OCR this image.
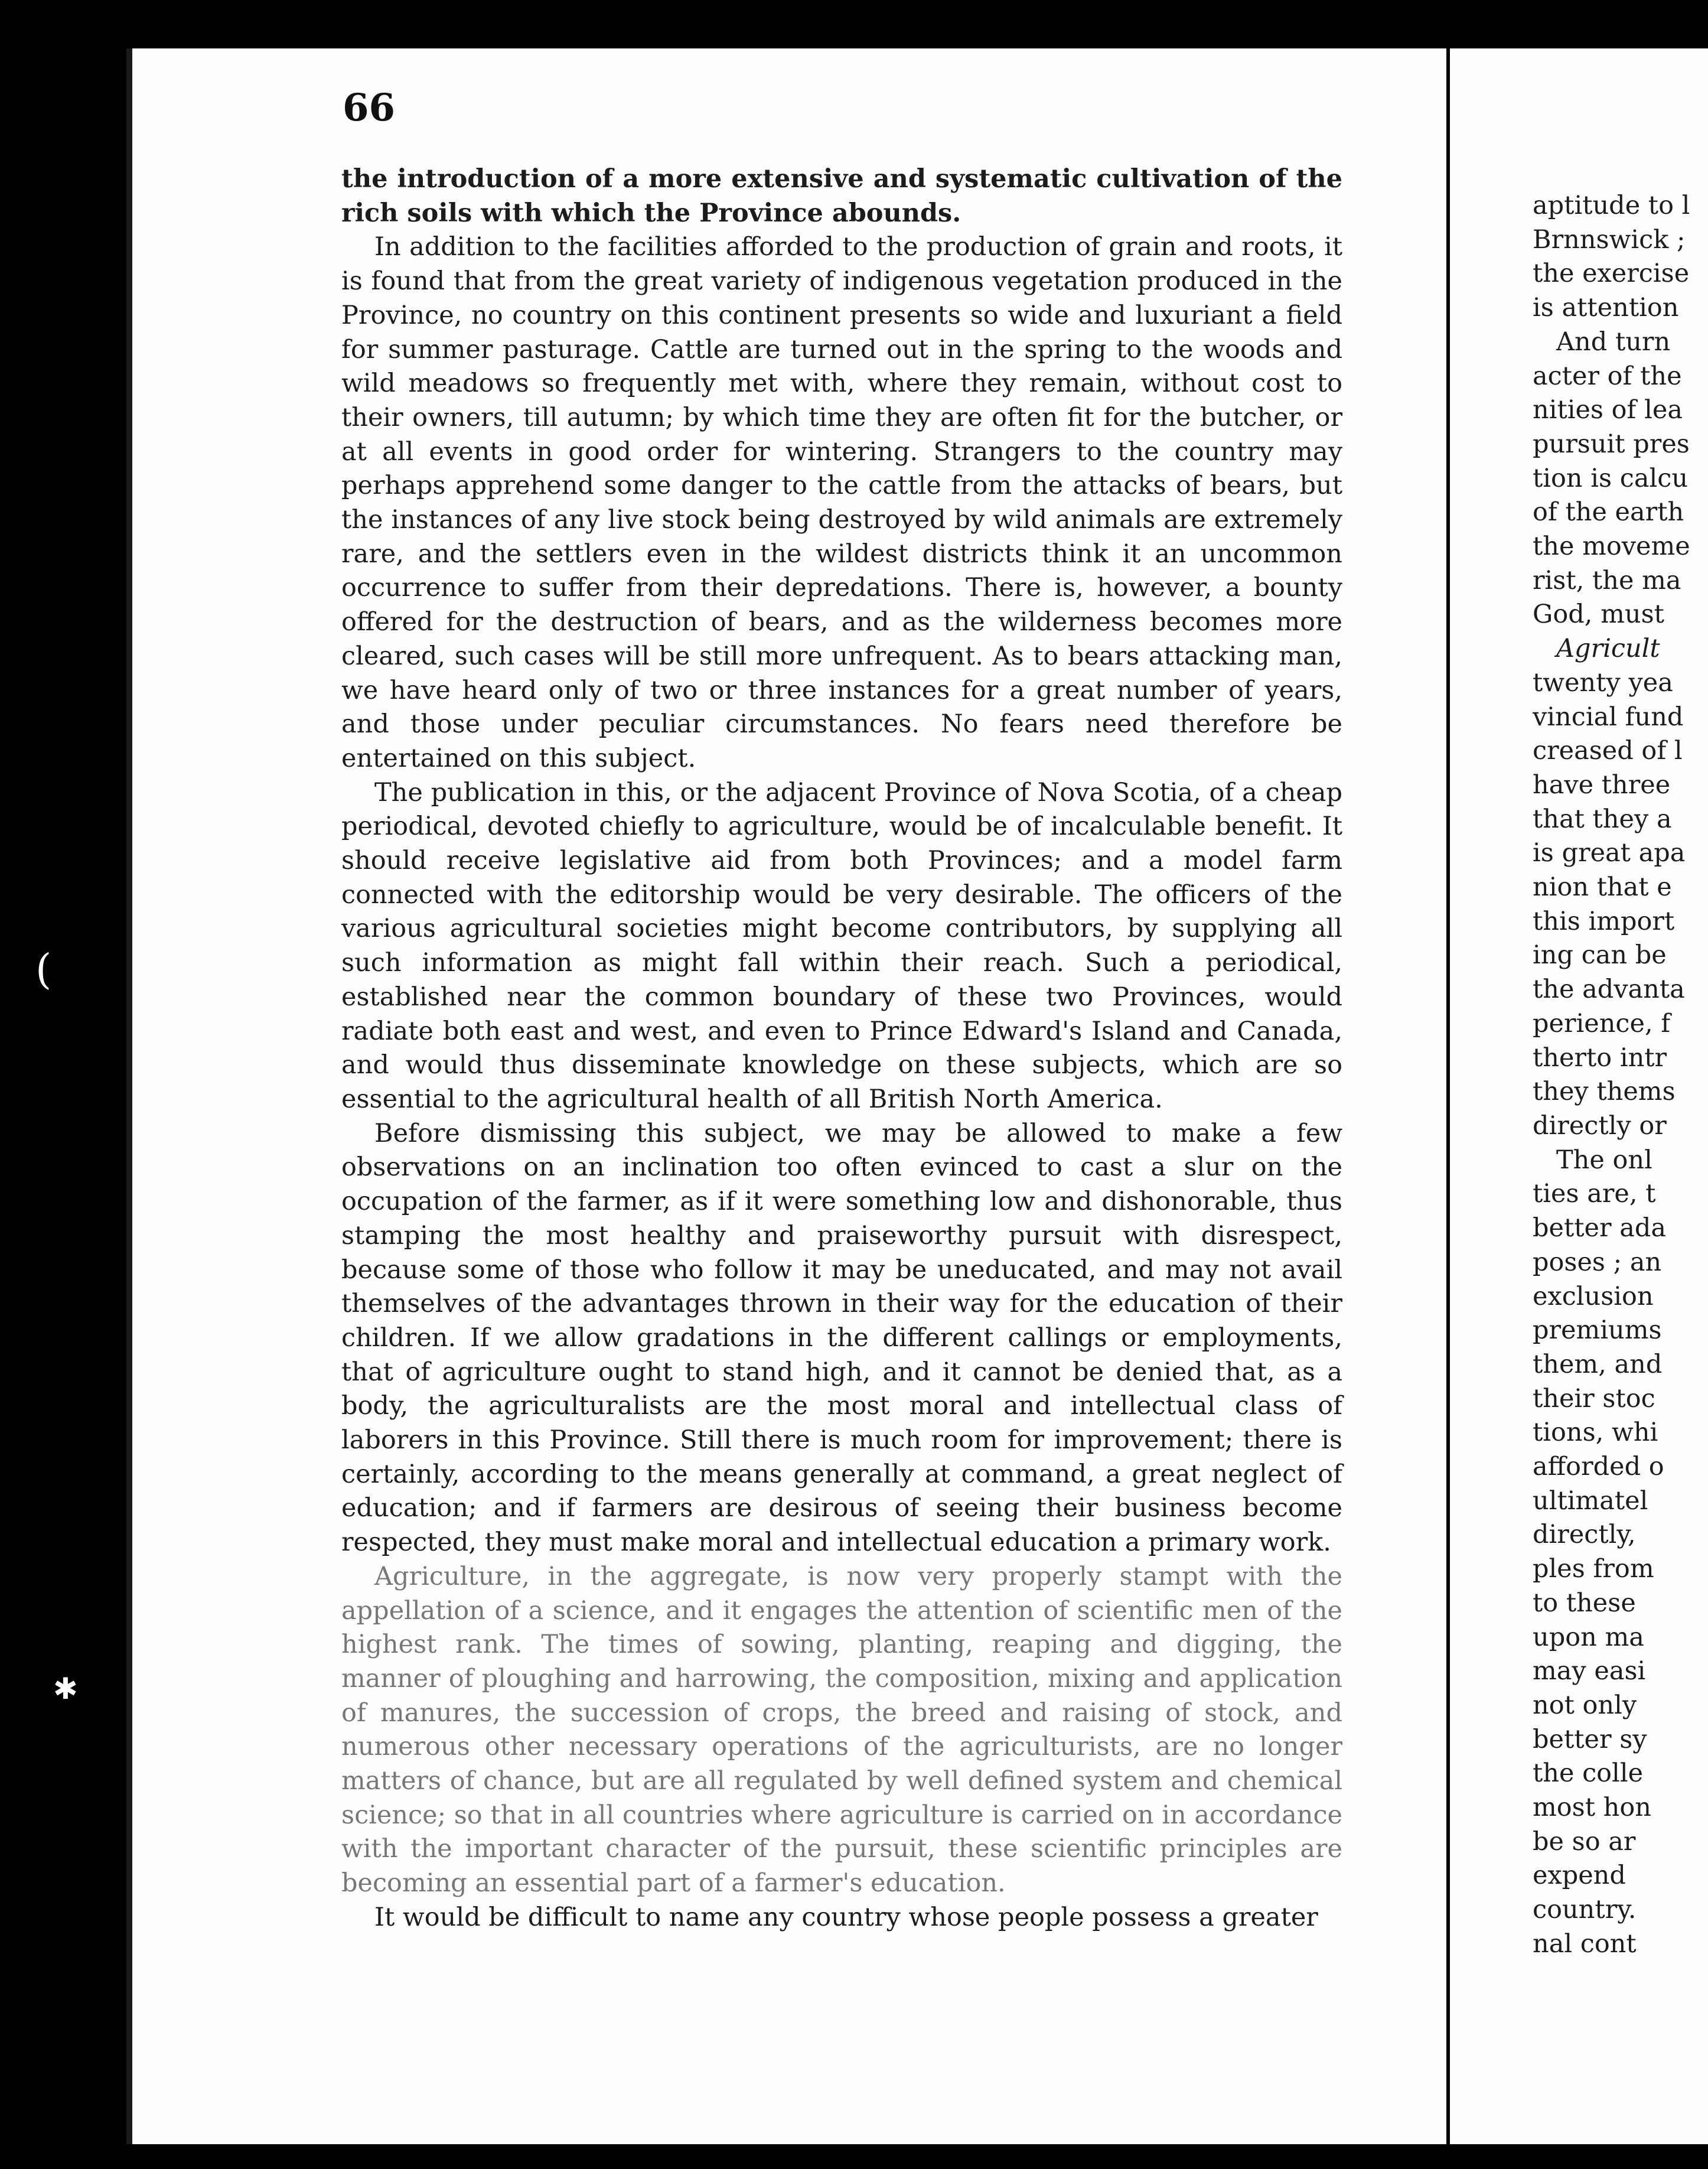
66

the introduction of a more extensive and systematic cultivation of the rich soils with which the Province abounds.

In addition to the facilities afforded to the production of grain and roots, it is found that from the great variety of indigenous vegetation produced in the Province, no country on this continent presents so wide and luxuriant a field for summer pasturage. Cattle are turned out in the spring to the woods and wild meadows so frequently met with, where they remain, without cost to their owners, till autumn; by which time they are often fit for the butcher, or at all events in good order for wintering. Strangers to the country may perhaps apprehend some danger to the cattle from the attacks of bears, but the instances of any live stock being destroyed by wild animals are extremely rare, and the settlers even in the wildest districts think it an uncommon occurrence to suffer from their depredations. There is, however, a bounty offered for the destruction of bears, and as the wilderness becomes more cleared, such cases will be still more unfrequent. As to bears attacking man, we have heard only of two or three instances for a great number of years, and those under peculiar circumstances. No fears need therefore be entertained on this subject.

The publication in this, or the adjacent Province of Nova Scotia, of a cheap periodical, devoted chiefly to agriculture, would be of incalculable benefit. It should receive legislative aid from both Provinces; and a model farm connected with the editorship would be very desirable. The officers of the various agricultural societies might become contributors, by supplying all such information as might fall within their reach. Such a periodical, established near the common boundary of these two Provinces, would radiate both east and west, and even to Prince Edward's Island and Canada, and would thus disseminate knowledge on these subjects, which are so essential to the agricultural health of all British North America.

Before dismissing this subject, we may be allowed to make a few observations on an inclination too often evinced to cast a slur on the occupation of the farmer, as if it were something low and dishonorable, thus stamping the most healthy and praiseworthy pursuit with disrespect, because some of those who follow it may be uneducated, and may not avail themselves of the advantages thrown in their way for the education of their children. If we allow gradations in the different callings or employments, that of agriculture ought to stand high, and it cannot be denied that, as a body, the agriculturalists are the most moral and intellectual class of laborers in this Province. Still there is much room for improvement; there is certainly, according to the means generally at command, a great neglect of education; and if farmers are desirous of seeing their business become respected, they must make moral and intellectual education a primary work.

Agriculture, in the aggregate, is now very properly stampt with the appellation of a science, and it engages the attention of scientific men of the highest rank. The times of sowing, planting, reaping and digging, the manner of ploughing and harrowing, the composition, mixing and application of manures, the succession of crops, the breed and raising of stock, and numerous other necessary operations of the agriculturists, are no longer matters of chance, but are all regulated by well defined system and chemical science; so that in all countries where agriculture is carried on in accordance with the important character of the pursuit, these scientific principles are becoming an essential part of a farmer's education.

It would be difficult to name any country whose people possess a greater

aptitude to l
Brnnswick ;
the exercise
is attention
And turn
acter of the
nities of lea
pursuit pres
tion is calcu
of the earth
the moveme
rist, the ma
God, must
Agricult
twenty yea
vincial fund
creased of l
have three
that they a
is great apa
nion that e
this import
ing can be
the advanta
perience, f
therto intr
they thems
directly or
The onl
ties are, t
better ada
poses ; an
exclusion
premiums
them, and
their stoc
tions, whi
afforded o
ultimatel
directly,
ples from
to these
upon ma
may easi
not only
better sy
the colle
most hon
be so ar
expend
country.
nal cont
(
✱
